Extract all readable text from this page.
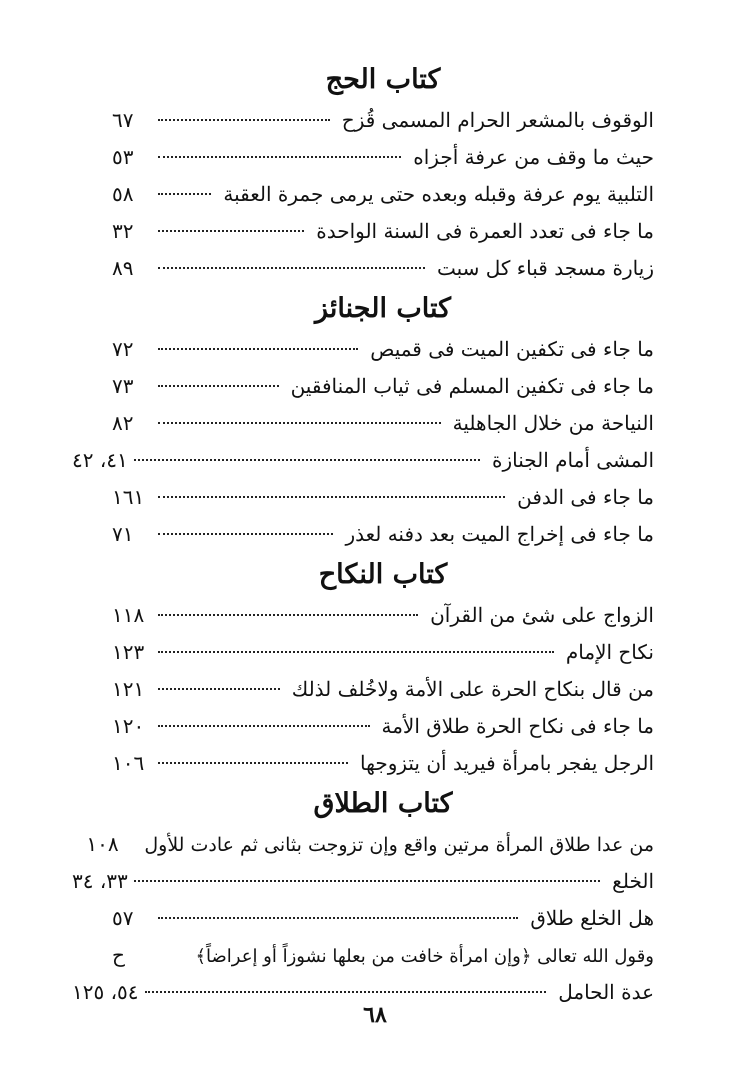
كتاب الحج
الوقوف بالمشعر الحرام المسمى قُزح
٦٧
حيث ما وقف من عرفة أجزاه
٥٣
التلبية يوم عرفة وقبله وبعده حتى يرمى جمرة العقبة
٥٨
ما جاء فى تعدد العمرة فى السنة الواحدة
٣٢
زيارة مسجد قباء كل سبت
٨٩
كتاب الجنائز
ما جاء فى تكفين الميت فى قميص
٧٢
ما جاء فى تكفين المسلم فى ثياب المنافقين
٧٣
النياحة من خلال الجاهلية
٨٢
المشى أمام الجنازة
٤١، ٤٢
ما جاء فى الدفن
١٦١
ما جاء فى إخراج الميت بعد دفنه لعذر
٧١
كتاب النكاح
الزواج على شئ من القرآن
١١٨
نكاح الإمام
١٢٣
من قال بنكاح الحرة على الأمة ولاخُلف لذلك
١٢١
ما جاء فى نكاح الحرة طلاق الأمة
١٢٠
الرجل يفجر بامرأة فيريد أن يتزوجها
١٠٦
كتاب الطلاق
من عدا طلاق المرأة مرتين واقع وإن تزوجت بثانى ثم عادت للأول
١٠٨
الخلع
٣٣، ٣٤
هل الخلع طلاق
٥٧
وقول الله تعالى ﴿وإن امرأة خافت من بعلها نشوزاً أو إعراضاً﴾
ح
عدة الحامل
٥٤، ١٢٥
٦٨
